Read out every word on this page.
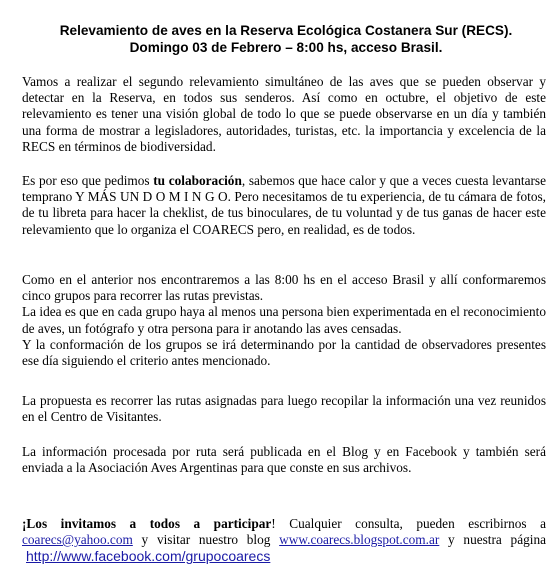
Relevamiento de aves en la Reserva Ecológica Costanera Sur (RECS).
Domingo 03 de Febrero – 8:00 hs, acceso Brasil.

Vamos a realizar el segundo relevamiento simultáneo de las aves que se pueden observar y detectar en la Reserva, en todos sus senderos. Así como en octubre, el objetivo de este relevamiento es tener una visión global de todo lo que se puede observarse en un día y también una forma de mostrar a legisladores, autoridades, turistas, etc. la importancia y excelencia de la RECS en términos de biodiversidad.

Es por eso que pedimos tu colaboración, sabemos que hace calor y que a veces cuesta levantarse temprano Y MÁS UN D O M I N G O. Pero necesitamos de tu experiencia, de tu cámara de fotos, de tu libreta para hacer la cheklist, de tus binoculares, de tu voluntad y de tus ganas de hacer este relevamiento que lo organiza el COARECS pero, en realidad, es de todos.

Como en el anterior nos encontraremos a las 8:00 hs en el acceso Brasil y allí conformaremos cinco grupos para recorrer las rutas previstas.
La idea es que en cada grupo haya al menos una persona bien experimentada en el reconocimiento de aves, un fotógrafo y otra persona para ir anotando las aves censadas.
Y la conformación de los grupos se irá determinando por la cantidad de observadores presentes ese día siguiendo el criterio antes mencionado.

La propuesta es recorrer las rutas asignadas para luego recopilar la información una vez reunidos en el Centro de Visitantes.

La información procesada por ruta será publicada en el Blog y en Facebook y también será enviada a la Asociación Aves Argentinas para que conste en sus archivos.

¡Los invitamos a todos a participar! Cualquier consulta, pueden escribirnos a coarecs@yahoo.com y visitar nuestro blog www.coarecs.blogspot.com.ar y nuestra página http://www.facebook.com/grupocoarecs
